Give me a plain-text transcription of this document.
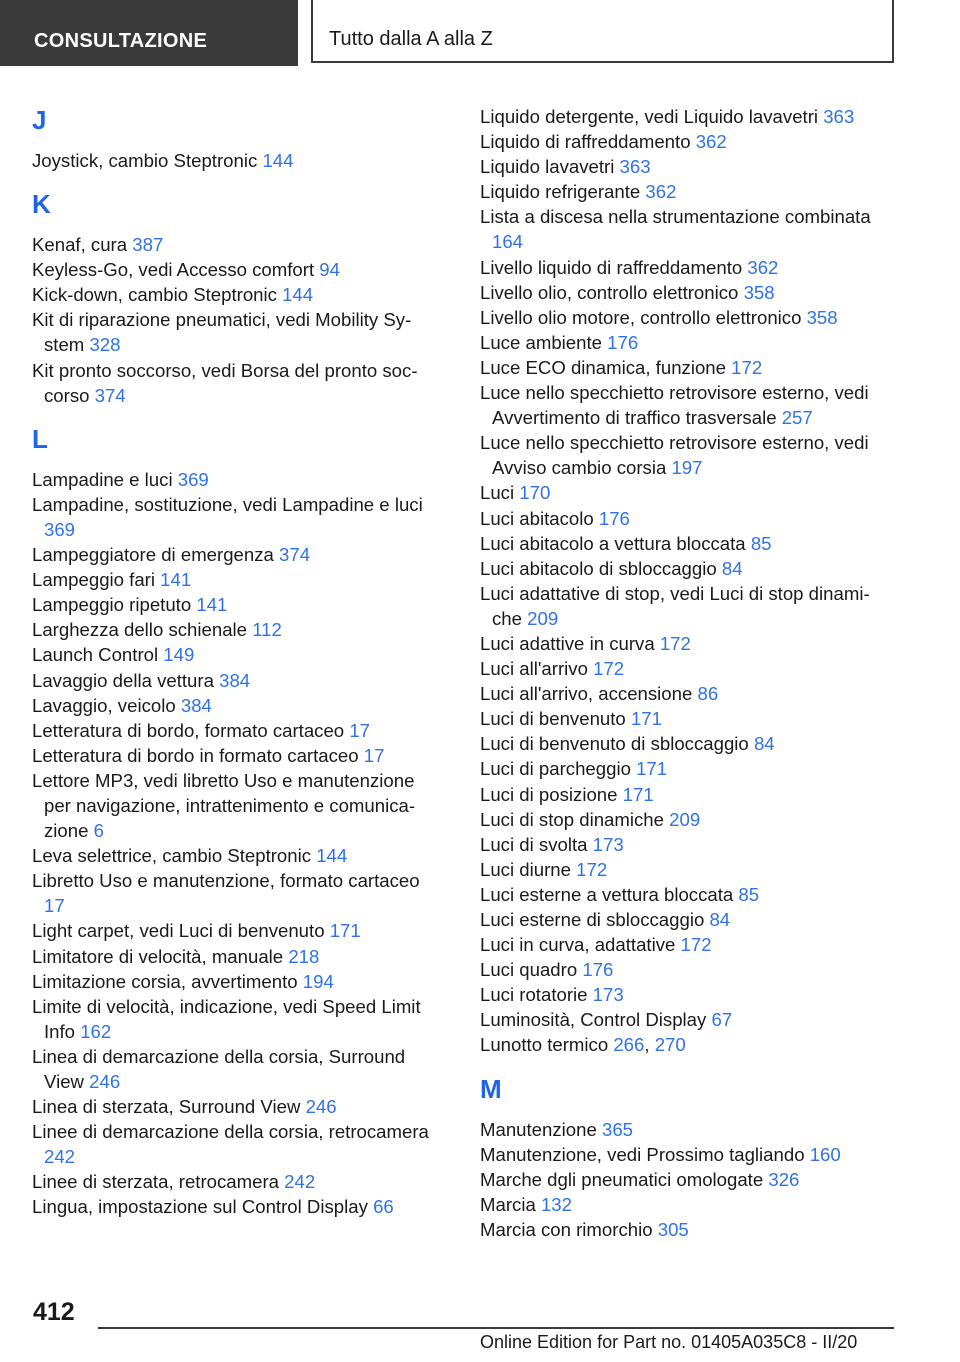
CONSULTAZIONE	Tutto dalla A alla Z
J
Joystick, cambio Steptronic 144
K
Kenaf, cura 387
Keyless-Go, vedi Accesso comfort 94
Kick-down, cambio Steptronic 144
Kit di riparazione pneumatici, vedi Mobility System 328
Kit pronto soccorso, vedi Borsa del pronto soccorso 374
L
Lampadine e luci 369
Lampadine, sostituzione, vedi Lampadine e luci 369
Lampeggiatore di emergenza 374
Lampeggio fari 141
Lampeggio ripetuto 141
Larghezza dello schienale 112
Launch Control 149
Lavaggio della vettura 384
Lavaggio, veicolo 384
Letteratura di bordo, formato cartaceo 17
Letteratura di bordo in formato cartaceo 17
Lettore MP3, vedi libretto Uso e manutenzione per navigazione, intrattenimento e comunicazione 6
Leva selettrice, cambio Steptronic 144
Libretto Uso e manutenzione, formato cartaceo 17
Light carpet, vedi Luci di benvenuto 171
Limitatore di velocità, manuale 218
Limitazione corsia, avvertimento 194
Limite di velocità, indicazione, vedi Speed Limit Info 162
Linea di demarcazione della corsia, Surround View 246
Linea di sterzata, Surround View 246
Linee di demarcazione della corsia, retrocamera 242
Linee di sterzata, retrocamera 242
Lingua, impostazione sul Control Display 66
Liquido detergente, vedi Liquido lavavetri 363
Liquido di raffreddamento 362
Liquido lavavetri 363
Liquido refrigerante 362
Lista a discesa nella strumentazione combinata 164
Livello liquido di raffreddamento 362
Livello olio, controllo elettronico 358
Livello olio motore, controllo elettronico 358
Luce ambiente 176
Luce ECO dinamica, funzione 172
Luce nello specchietto retrovisore esterno, vedi Avvertimento di traffico trasversale 257
Luce nello specchietto retrovisore esterno, vedi Avviso cambio corsia 197
Luci 170
Luci abitacolo 176
Luci abitacolo a vettura bloccata 85
Luci abitacolo di sbloccaggio 84
Luci adattative di stop, vedi Luci di stop dinamiche 209
Luci adattive in curva 172
Luci all'arrivo 172
Luci all'arrivo, accensione 86
Luci di benvenuto 171
Luci di benvenuto di sbloccaggio 84
Luci di parcheggio 171
Luci di posizione 171
Luci di stop dinamiche 209
Luci di svolta 173
Luci diurne 172
Luci esterne a vettura bloccata 85
Luci esterne di sbloccaggio 84
Luci in curva, adattative 172
Luci quadro 176
Luci rotatorie 173
Luminosità, Control Display 67
Lunotto termico 266, 270
M
Manutenzione 365
Manutenzione, vedi Prossimo tagliando 160
Marche dgli pneumatici omologate 326
Marcia 132
Marcia con rimorchio 305
412
Online Edition for Part no. 01405A035C8 - II/20
